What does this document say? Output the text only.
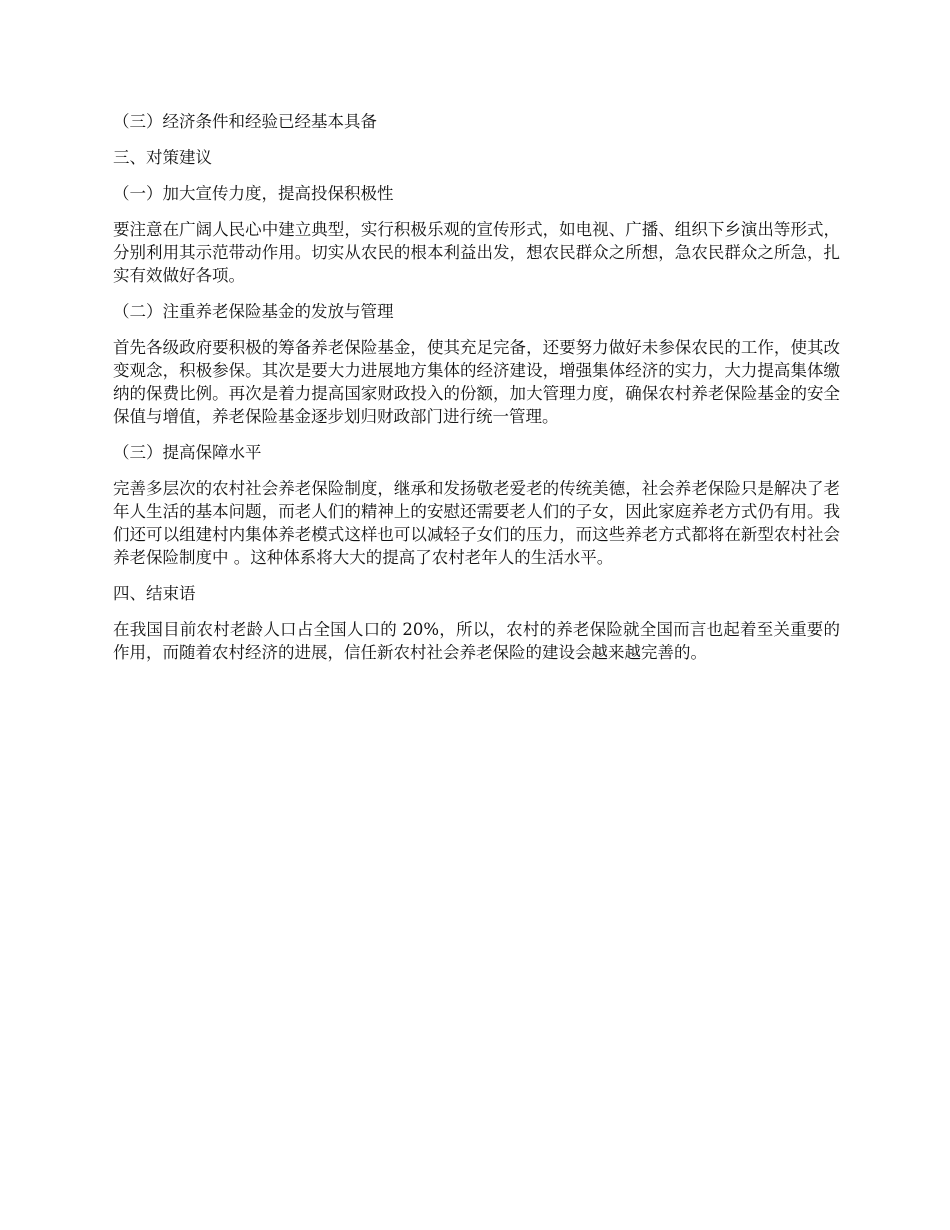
（三）经济条件和经验已经基本具备
三、对策建议
（一）加大宣传力度，提高投保积极性
要注意在广阔人民心中建立典型，实行积极乐观的宣传形式，如电视、广播、组织下乡演出等形式，分别利用其示范带动作用。切实从农民的根本利益出发，想农民群众之所想，急农民群众之所急，扎实有效做好各项。
（二）注重养老保险基金的发放与管理
首先各级政府要积极的筹备养老保险基金，使其充足完备，还要努力做好未参保农民的工作，使其改变观念，积极参保。其次是要大力进展地方集体的经济建设，增强集体经济的实力，大力提高集体缴纳的保费比例。再次是着力提高国家财政投入的份额，加大管理力度，确保农村养老保险基金的安全保值与增值，养老保险基金逐步划归财政部门进行统一管理。
（三）提高保障水平
完善多层次的农村社会养老保险制度，继承和发扬敬老爱老的传统美德，社会养老保险只是解决了老年人生活的基本问题，而老人们的精神上的安慰还需要老人们的子女，因此家庭养老方式仍有用。我们还可以组建村内集体养老模式这样也可以减轻子女们的压力，而这些养老方式都将在新型农村社会养老保险制度中 。这种体系将大大的提高了农村老年人的生活水平。
四、结束语
在我国目前农村老龄人口占全国人口的 20%，所以，农村的养老保险就全国而言也起着至关重要的作用，而随着农村经济的进展，信任新农村社会养老保险的建设会越来越完善的。
